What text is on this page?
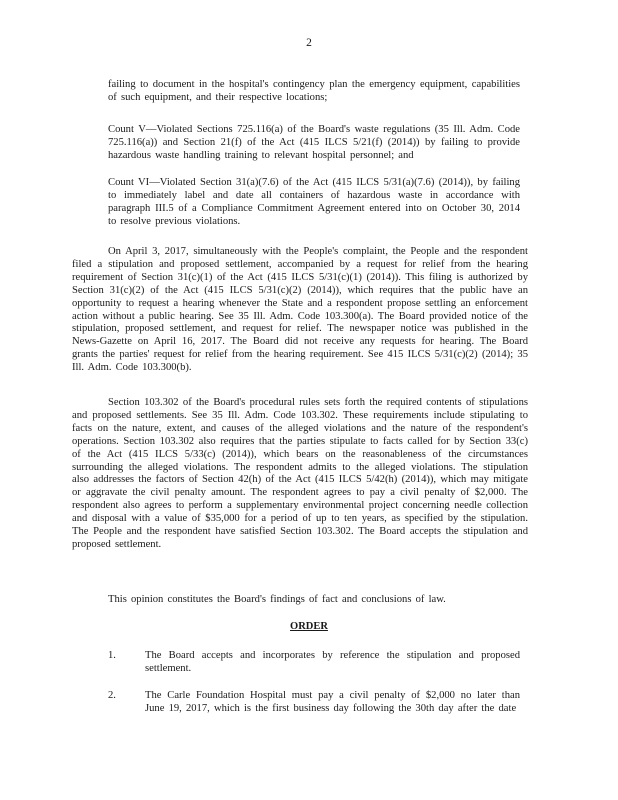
2
failing to document in the hospital's contingency plan the emergency equipment, capabilities of such equipment, and their respective locations;
Count V—Violated Sections 725.116(a) of the Board's waste regulations (35 Ill. Adm. Code 725.116(a)) and Section 21(f) of the Act (415 ILCS 5/21(f) (2014)) by failing to provide hazardous waste handling training to relevant hospital personnel; and
Count VI—Violated Section 31(a)(7.6) of the Act (415 ILCS 5/31(a)(7.6) (2014)), by failing to immediately label and date all containers of hazardous waste in accordance with paragraph III.5 of a Compliance Commitment Agreement entered into on October 30, 2014 to resolve previous violations.
On April 3, 2017, simultaneously with the People's complaint, the People and the respondent filed a stipulation and proposed settlement, accompanied by a request for relief from the hearing requirement of Section 31(c)(1) of the Act (415 ILCS 5/31(c)(1) (2014)). This filing is authorized by Section 31(c)(2) of the Act (415 ILCS 5/31(c)(2) (2014)), which requires that the public have an opportunity to request a hearing whenever the State and a respondent propose settling an enforcement action without a public hearing. See 35 Ill. Adm. Code 103.300(a). The Board provided notice of the stipulation, proposed settlement, and request for relief. The newspaper notice was published in the News-Gazette on April 16, 2017. The Board did not receive any requests for hearing. The Board grants the parties' request for relief from the hearing requirement. See 415 ILCS 5/31(c)(2) (2014); 35 Ill. Adm. Code 103.300(b).
Section 103.302 of the Board's procedural rules sets forth the required contents of stipulations and proposed settlements. See 35 Ill. Adm. Code 103.302. These requirements include stipulating to facts on the nature, extent, and causes of the alleged violations and the nature of the respondent's operations. Section 103.302 also requires that the parties stipulate to facts called for by Section 33(c) of the Act (415 ILCS 5/33(c) (2014)), which bears on the reasonableness of the circumstances surrounding the alleged violations. The respondent admits to the alleged violations. The stipulation also addresses the factors of Section 42(h) of the Act (415 ILCS 5/42(h) (2014)), which may mitigate or aggravate the civil penalty amount. The respondent agrees to pay a civil penalty of $2,000. The respondent also agrees to perform a supplementary environmental project concerning needle collection and disposal with a value of $35,000 for a period of up to ten years, as specified by the stipulation. The People and the respondent have satisfied Section 103.302. The Board accepts the stipulation and proposed settlement.
This opinion constitutes the Board's findings of fact and conclusions of law.
ORDER
1.	The Board accepts and incorporates by reference the stipulation and proposed settlement.
2.	The Carle Foundation Hospital must pay a civil penalty of $2,000 no later than June 19, 2017, which is the first business day following the 30th day after the date
